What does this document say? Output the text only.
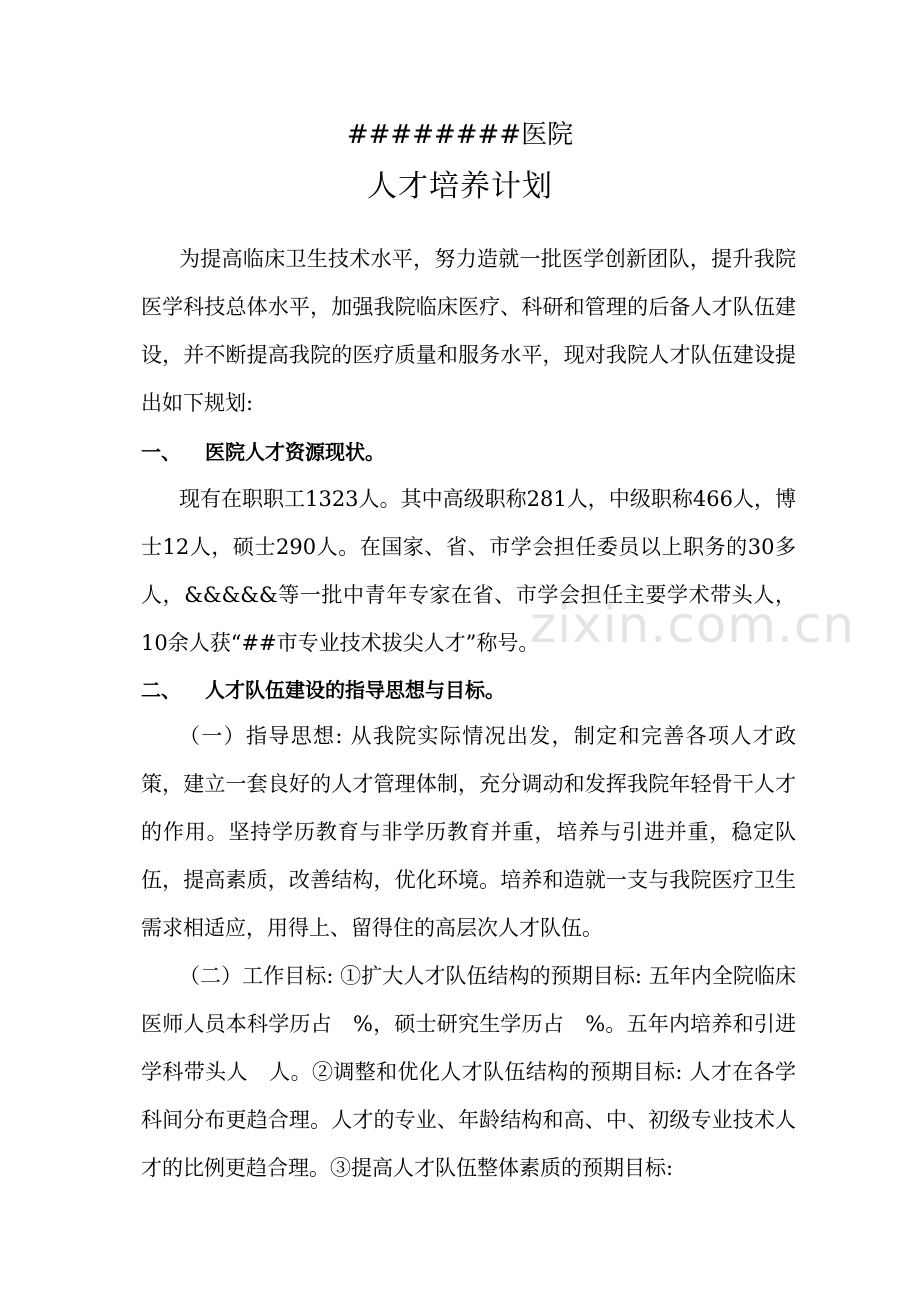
########医院
人才培养计划
为提高临床卫生技术水平，努力造就一批医学创新团队，提升我院医学科技总体水平，加强我院临床医疗、科研和管理的后备人才队伍建设，并不断提高我院的医疗质量和服务水平，现对我院人才队伍建设提出如下规划:
一、 医院人才资源现状。
现有在职职工1323人。其中高级职称281人，中级职称466人，博士12人，硕士290人。在国家、省、市学会担任委员以上职务的30多人，&&&&&等一批中青年专家在省、市学会担任主要学术带头人，10余人获“##市专业技术拔尖人才”称号。
二、 人才队伍建设的指导思想与目标。
（一）指导思想: 从我院实际情况出发，制定和完善各项人才政策，建立一套良好的人才管理体制，充分调动和发挥我院年轻骨干人才的作用。坚持学历教育与非学历教育并重，培养与引进并重，稳定队伍，提高素质，改善结构，优化环境。培养和造就一支与我院医疗卫生需求相适应，用得上、留得住的高层次人才队伍。
（二）工作目标: ①扩大人才队伍结构的预期目标: 五年内全院临床医师人员本科学历占　%，硕士研究生学历占　%。五年内培养和引进学科带头人　人。②调整和优化人才队伍结构的预期目标: 人才在各学科间分布更趋合理。人才的专业、年龄结构和高、中、初级专业技术人才的比例更趋合理。③提高人才队伍整体素质的预期目标:
zixin.com.cn
